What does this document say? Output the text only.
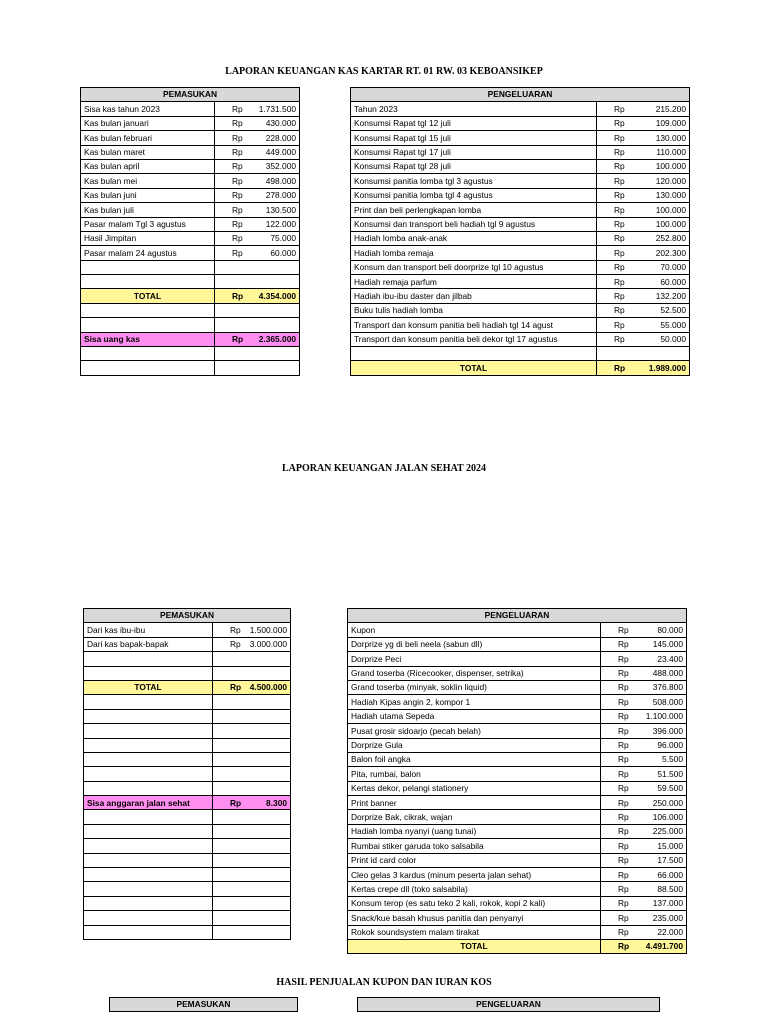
LAPORAN KEUANGAN KAS KARTAR RT. 01 RW. 03 KEBOANSIKEP
PEMASUKAN	
Sisa kas tahun 2023	Rp 1.731.500

Kas bulan januari	Rp 430.000

Kas bulan februari	Rp 228.000

Kas bulan maret	Rp 449.000

Kas bulan april	Rp 352.000

Kas bulan mei	Rp 498.000

Kas bulan juni	Rp 278.000

Kas bulan juli	Rp 130.500

Pasar malam Tgl 3 agustus	Rp 122.000

Hasil Jimpitan	Rp 75.000

Pasar malam 24 agustus	Rp 60.000

TOTAL	Rp 4.354.000

Sisa uang kas	Rp 2.365.000

PENGELUARAN	
Tahun 2023	Rp 215.200

Konsumsi Rapat tgl 12 juli	Rp 109.000

Konsumsi Rapat tgl 15 juli	Rp 130.000

Konsumsi Rapat tgl 17 juli	Rp 110.000

Konsumsi Rapat tgl 28 juli	Rp 100.000

Konsumsi panitia lomba tgl 3 agustus	Rp 120.000

Konsumsi panitia lomba tgl 4 agustus	Rp 130.000

Print dan beli perlengkapan lomba	Rp 100.000

Konsumsi dan transport beli hadiah tgl 9 agustus	Rp 100.000

Hadiah lomba anak-anak	Rp 252.800

Hadiah lomba remaja	Rp 202.300

Konsum dan transport beli doorprize tgl 10 agustus	Rp 70.000

Hadiah remaja parfum	Rp 60.000

Hadiah ibu-ibu daster dan jilbab	Rp 132.200

Buku tulis hadiah lomba	Rp 52.500

Transport dan konsum panitia beli hadiah tgl 14 agust	Rp 55.000

Transport dan konsum panitia beli dekor tgl 17 agustus	Rp 50.000

TOTAL	Rp 1.989.000
LAPORAN KEUANGAN JALAN SEHAT 2024
PEMASUKAN	
Dari kas ibu-ibu	Rp 1.500.000

Dari kas bapak-bapak	Rp 3.000.000

TOTAL	Rp 4.500.000

Sisa anggaran jalan sehat	Rp 8.300

PENGELUARAN	
Kupon	Rp 80.000

Dorprize yg di beli neela (sabun dll)	Rp 145.000

Dorprize Peci	Rp 23.400

Grand toserba (Ricecooker, dispenser, setrika)	Rp 488.000

Grand toserba (minyak, soklin liquid)	Rp 376.800

Hadiah Kipas angin 2, kompor 1	Rp 508.000

Hadiah utama Sepeda	Rp 1.100.000

Pusat grosir sidoarjo (pecah belah)	Rp 396.000

Dorprize Gula	Rp 96.000

Balon foil angka	Rp 5.500

Pita, rumbai, balon	Rp 51.500

Kertas dekor, pelangi stationery	Rp 59.500

Print banner	Rp 250.000

Dorprize Bak, cikrak, wajan	Rp 106.000

Hadiah lomba nyanyi (uang tunai)	Rp 225.000

Rumbai stiker garuda toko salsabila	Rp 15.000

Print id card color	Rp 17.500

Cleo gelas 3 kardus (minum peserta jalan sehat)	Rp 66.000

Kertas crepe dll (toko salsabila)	Rp 88.500

Konsum terop (es satu teko 2 kali, rokok, kopi 2 kali)	Rp 137.000

Snack/kue basah khusus panitia dan penyanyi	Rp 235.000

Rokok soundsystem malam tirakat	Rp 22.000

TOTAL	Rp 4.491.700
HASIL PENJUALAN KUPON DAN IURAN KOS
PEMASUKAN	PENGELUARAN
